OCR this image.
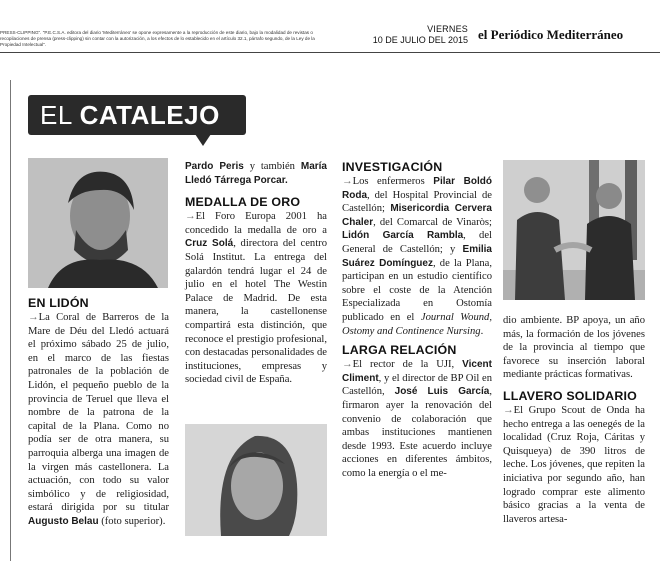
PRESS-CLIPPING". "P.E.C.S.A. editora del diario 'Mediterráneo' se opone expresamente a la reproducción de este diario, bajo la modalidad de revistas o recopilaciones de prensa (press-clipping) sin contar con la autorización, a los efectos de lo establecido en el artículo 32.1, párrafo segundo, de la Ley de la Propiedad Intelectual".
VIERNES
10 DE JULIO DEL 2015 el Periódico Mediterráneo
EL CATALEJO
EN LIDÓN

→La Coral de Barreros de la Mare de Déu del Lledó actuará el próximo sábado 25 de julio, en el marco de las fiestas patronales de la población de Lidón, el pequeño pueblo de la provincia de Teruel que lleva el nombre de la patrona de la capital de la Plana. Como no podía ser de otra manera, su parroquia alberga una imagen de la virgen más castellonera. La actuación, con todo su valor simbólico y de religiosidad, estará dirigida por su titular Augusto Belau (foto superior).

Pardo Peris y también María Lledó Tárrega Porcar.

MEDALLA DE ORO

→El Foro Europa 2001 ha concedido la medalla de oro a Cruz Solá, directora del centro Solá Institut. La entrega del galardón tendrá lugar el 24 de julio en el hotel The Westin Palace de Madrid. De esta manera, la castellonense compartirá esta distinción, que reconoce el prestigio profesional, con destacadas personalidades de instituciones, empresas y sociedad civil de España.

INVESTIGACIÓN

→Los enfermeros Pilar Boldó Roda, del Hospital Provincial de Castellón; Misericordia Cervera Chaler, del Comarcal de Vinaròs; Lidón García Rambla, del General de Castellón; y Emilia Suárez Domínguez, de la Plana, participan en un estudio científico sobre el coste de la Atención Especializada en Ostomía publicado en el Journal Wound, Ostomy and Continence Nursing.

LARGA RELACIÓN

→El rector de la UJI, Vicent Climent, y el director de BP Oil en Castellón, José Luis García, firmaron ayer la renovación del convenio de colaboración que ambas instituciones mantienen desde 1993. Este acuerdo incluye acciones en diferentes ámbitos, como la energía o el me-

dio ambiente. BP apoya, un año más, la formación de los jóvenes de la provincia al tiempo que favorece su inserción laboral mediante prácticas formativas.

LLAVERO SOLIDARIO

→El Grupo Scout de Onda ha hecho entrega a las oenegés de la localidad (Cruz Roja, Cáritas y Quisqueya) de 390 litros de leche. Los jóvenes, que repiten la iniciativa por segundo año, han logrado comprar este alimento básico gracias a la venta de llaveros artesa-
